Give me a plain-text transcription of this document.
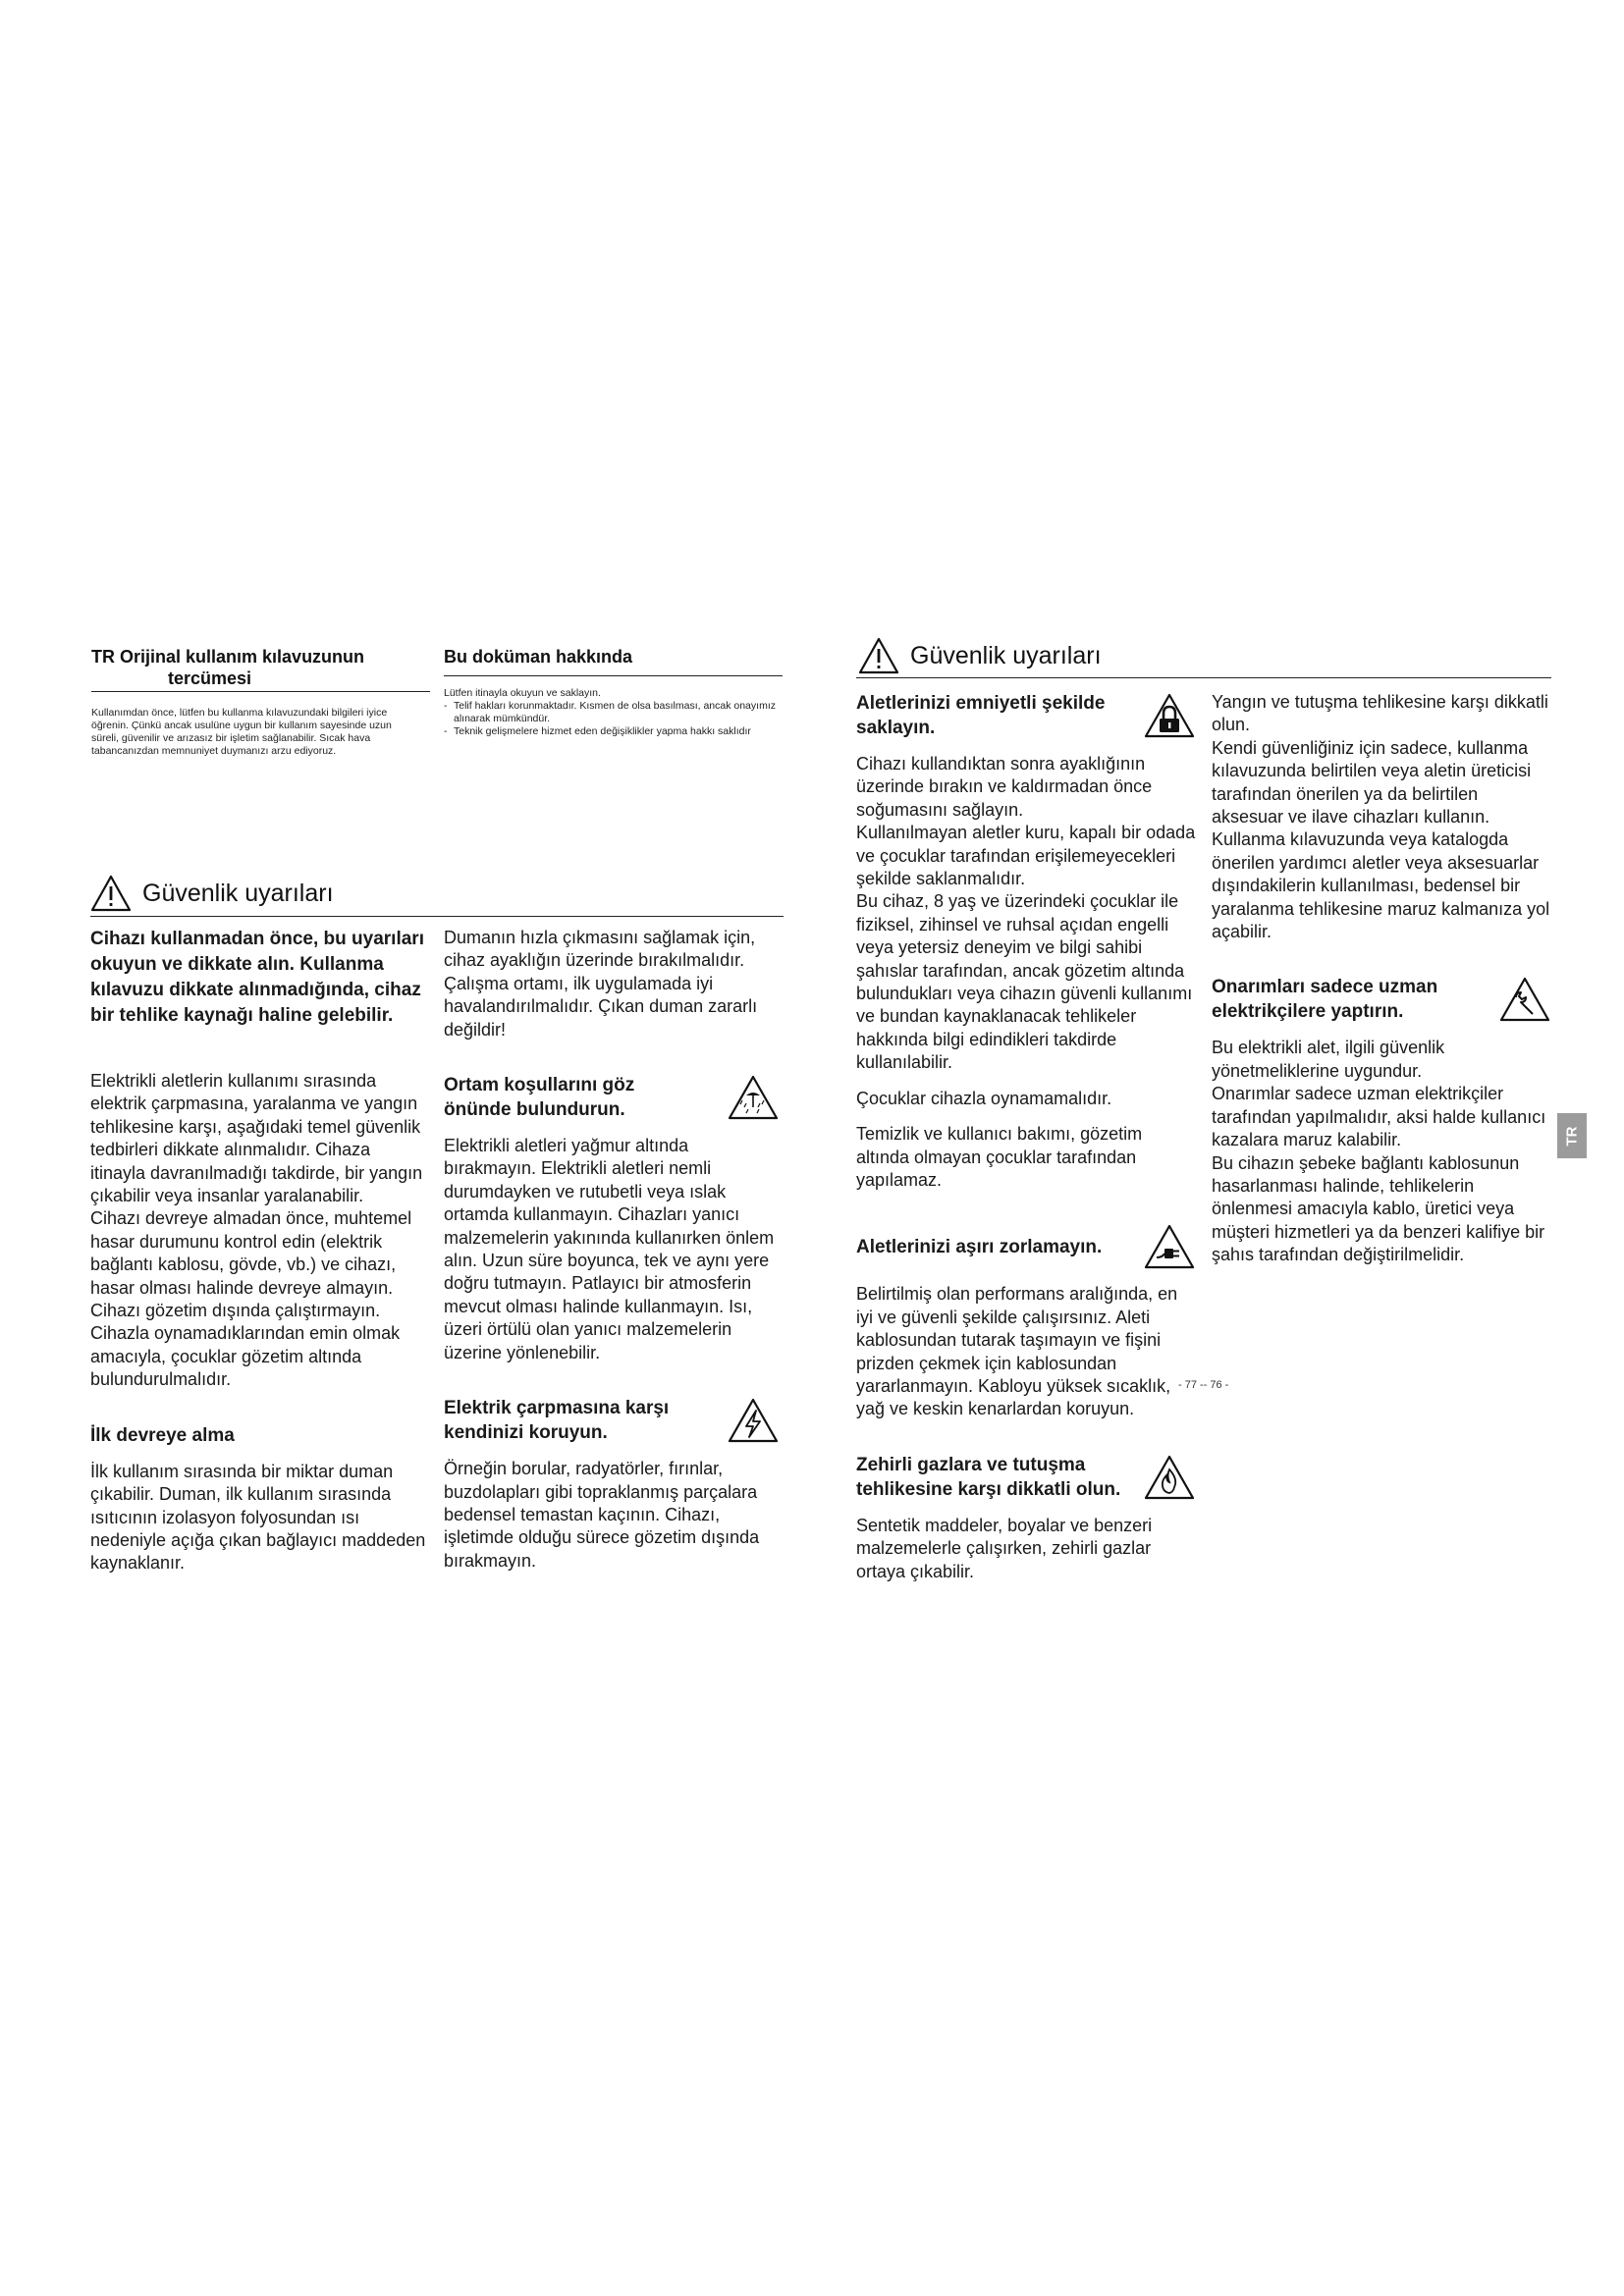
TR Orijinal kullanım kılavuzunun
tercümesi

Kullanımdan önce, lütfen bu kullanma kılavuzundaki bilgileri iyice öğrenin. Çünkü ancak usulüne uygun bir kullanım sayesinde uzun süreli, güvenilir ve arızasız bir işletim sağlanabilir. Sıcak hava tabancanızdan memnuniyet duymanızı arzu ediyoruz.

Bu doküman hakkında

Lütfen itinayla okuyun ve saklayın.

- Telif hakları korunmaktadır. Kısmen de olsa basılması, ancak onayımız alınarak mümkündür.
- Teknik gelişmelere hizmet eden değişiklikler yapma hakkı saklıdır
Güvenlik uyarıları

Cihazı kullanmadan önce, bu uyarıları okuyun ve dikkate alın. Kullanma kılavuzu dikkate alınmadığında, cihaz bir tehlike kaynağı haline gelebilir.

Elektrikli aletlerin kullanımı sırasında elektrik çarpmasına, yaralanma ve yangın tehlikesine karşı, aşağıdaki temel güvenlik tedbirleri dikkate alınmalıdır. Cihaza itinayla davranılmadığı takdirde, bir yangın çıkabilir veya insanlar yaralanabilir.

Cihazı devreye almadan önce, muhtemel hasar durumunu kontrol edin (elektrik bağlantı kablosu, gövde, vb.) ve cihazı, hasar olması halinde devreye almayın.

Cihazı gözetim dışında çalıştırmayın. Cihazla oynamadıklarından emin olmak amacıyla, çocuklar gözetim altında bulundurulmalıdır.

İlk devreye alma

İlk kullanım sırasında bir miktar duman çıkabilir. Duman, ilk kullanım sırasında ısıtıcının izolasyon folyosundan ısı nedeniyle açığa çıkan bağlayıcı maddeden kaynaklanır.

Dumanın hızla çıkmasını sağlamak için, cihaz ayaklığın üzerinde bırakılmalıdır. Çalışma ortamı, ilk uygulamada iyi havalandırılmalıdır. Çıkan duman zararlı değildir!

Ortam koşullarını göz önünde bulundurun.

Elektrikli aletleri yağmur altında bırakmayın. Elektrikli aletleri nemli durumdayken ve rutubetli veya ıslak ortamda kullanmayın. Cihazları yanıcı malzemelerin yakınında kullanırken önlem alın. Uzun süre boyunca, tek ve aynı yere doğru tutmayın. Patlayıcı bir atmosferin mevcut olması halinde kullanmayın. Isı, üzeri örtülü olan yanıcı malzemelerin üzerine yönlenebilir.

Elektrik çarpmasına karşı kendinizi koruyun.

Örneğin borular, radyatörler, fırınlar, buzdolapları gibi topraklanmış parçalara bedensel temastan kaçının. Cihazı, işletimde olduğu sürece gözetim dışında bırakmayın.

Güvenlik uyarıları

Aletlerinizi emniyetli şekilde saklayın.

Cihazı kullandıktan sonra ayaklığının üzerinde bırakın ve kaldırmadan önce soğumasını sağlayın.

Kullanılmayan aletler kuru, kapalı bir odada ve çocuklar tarafından erişilemeyecekleri şekilde saklanmalıdır.

Bu cihaz, 8 yaş ve üzerindeki çocuklar ile fiziksel, zihinsel ve ruhsal açıdan engelli veya yetersiz deneyim ve bilgi sahibi şahıslar tarafından, ancak gözetim altında bulundukları veya cihazın güvenli kullanımı ve bundan kaynaklanacak tehlikeler hakkında bilgi edindikleri takdirde kullanılabilir.

Çocuklar cihazla oynamamalıdır.

Temizlik ve kullanıcı bakımı, gözetim altında olmayan çocuklar tarafından yapılamaz.

Aletlerinizi aşırı zorlamayın.

Belirtilmiş olan performans aralığında, en iyi ve güvenli şekilde çalışırsınız. Aleti kablosundan tutarak taşımayın ve fişini prizden çekmek için kablosundan yararlanmayın. Kabloyu yüksek sıcaklık, yağ ve keskin kenarlardan koruyun.

Zehirli gazlara ve tutuşma tehlikesine karşı dikkatli olun.

Sentetik maddeler, boyalar ve benzeri malzemelerle çalışırken, zehirli gazlar ortaya çıkabilir.

Yangın ve tutuşma tehlikesine karşı dikkatli olun.

Kendi güvenliğiniz için sadece, kullanma kılavuzunda belirtilen veya aletin üreticisi tarafından önerilen ya da belirtilen aksesuar ve ilave cihazları kullanın.

Kullanma kılavuzunda veya katalogda önerilen yardımcı aletler veya aksesuarlar dışındakilerin kullanılması, bedensel bir yaralanma tehlikesine maruz kalmanıza yol açabilir.

Onarımları sadece uzman elektrikçilere yaptırın.

Bu elektrikli alet, ilgili güvenlik yönetmeliklerine uygundur.

Onarımlar sadece uzman elektrikçiler tarafından yapılmalıdır, aksi halde kullanıcı kazalara maruz kalabilir.

Bu cihazın şebeke bağlantı kablosunun hasarlanması halinde, tehlikelerin önlenmesi amacıyla kablo, üretici veya müşteri hizmetleri ya da benzeri kalifiye bir şahıs tarafından değiştirilmelidir.

TR
- 77 -- 76 -
